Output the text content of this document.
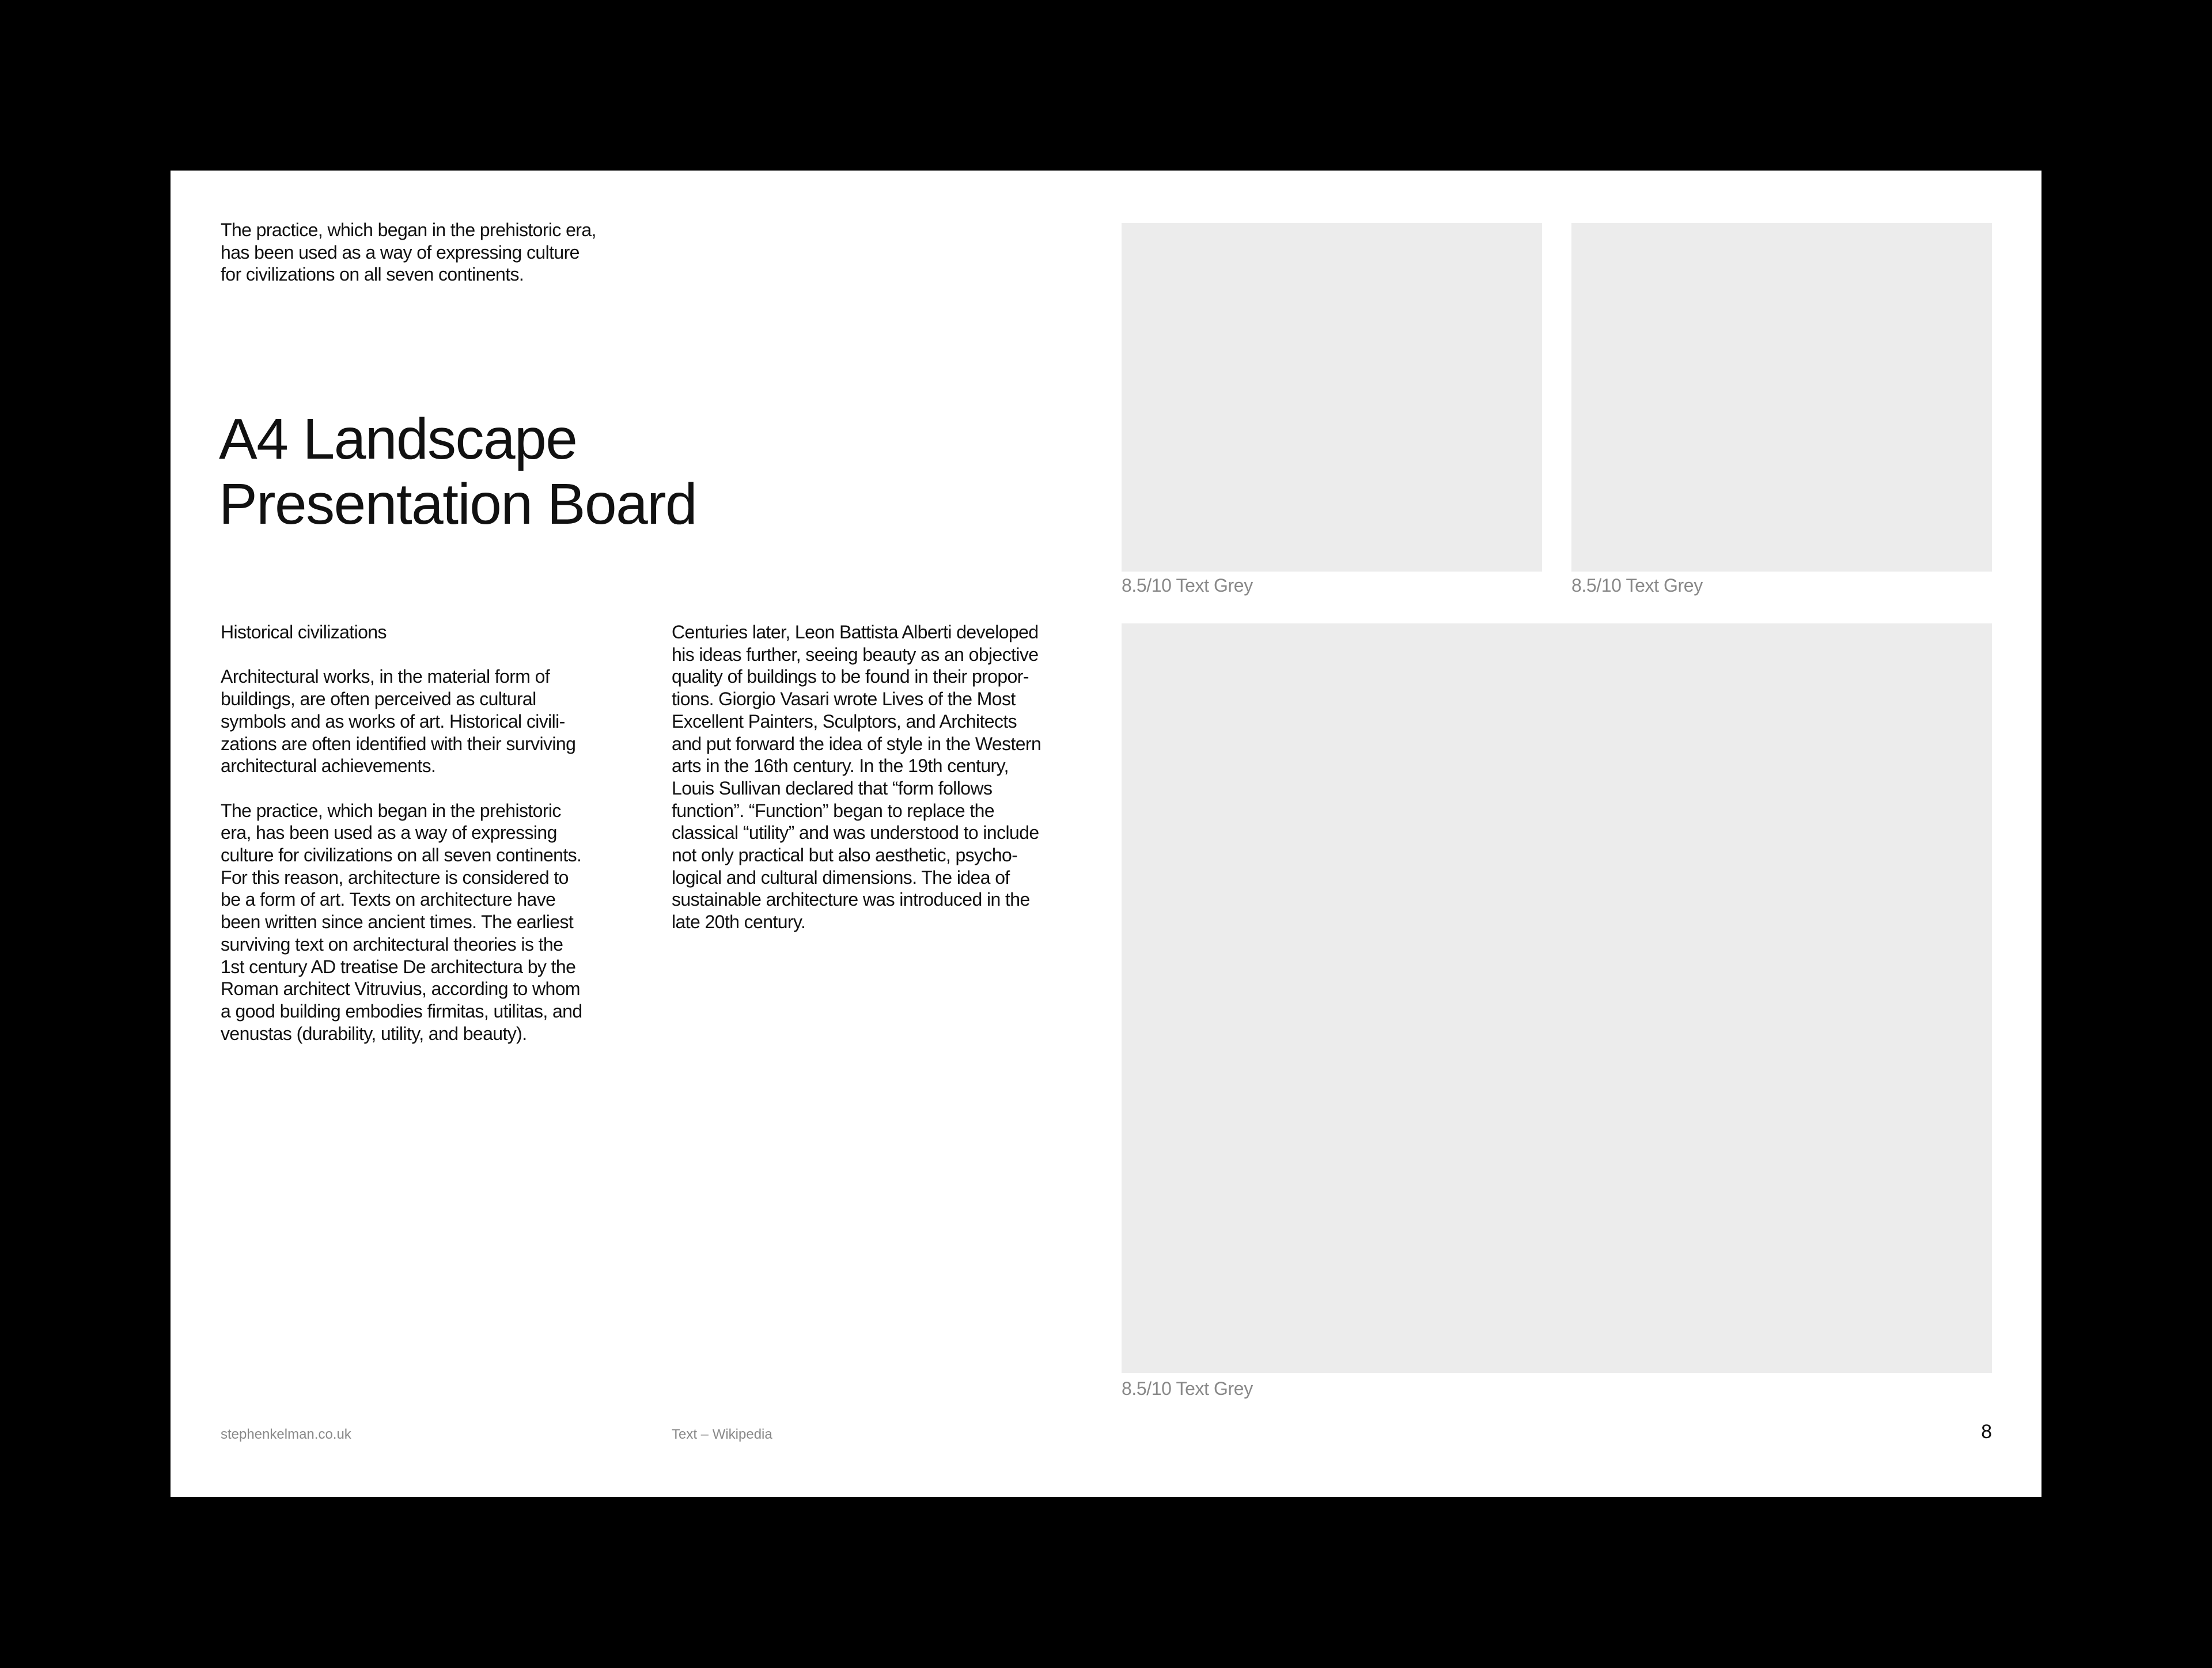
The practice, which began in the prehistoric era,
has been used as a way of expressing culture
for civilizations on all seven continents.
A4 Landscape
Presentation Board
Historical civilizations
Architectural works, in the material form of
buildings, are often perceived as cultural
symbols and as works of art. Historical civili-
zations are often identified with their surviving
architectural achievements.
The practice, which began in the prehistoric
era, has been used as a way of expressing
culture for civilizations on all seven continents.
For this reason, architecture is considered to
be a form of art. Texts on architecture have
been written since ancient times. The earliest
surviving text on architectural theories is the
1st century AD treatise De architectura by the
Roman architect Vitruvius, according to whom
a good building embodies firmitas, utilitas, and
venustas (durability, utility, and beauty).
Centuries later, Leon Battista Alberti developed
his ideas further, seeing beauty as an objective
quality of buildings to be found in their propor-
tions. Giorgio Vasari wrote Lives of the Most
Excellent Painters, Sculptors, and Architects
and put forward the idea of style in the Western
arts in the 16th century. In the 19th century,
Louis Sullivan declared that “form follows
function”. “Function” began to replace the
classical “utility” and was understood to include
not only practical but also aesthetic, psycho-
logical and cultural dimensions. The idea of
sustainable architecture was introduced in the
late 20th century.
8.5/10 Text Grey	8.5/10 Text Grey
8.5/10 Text Grey
stephenkelman.co.uk	Text – Wikipedia	8
